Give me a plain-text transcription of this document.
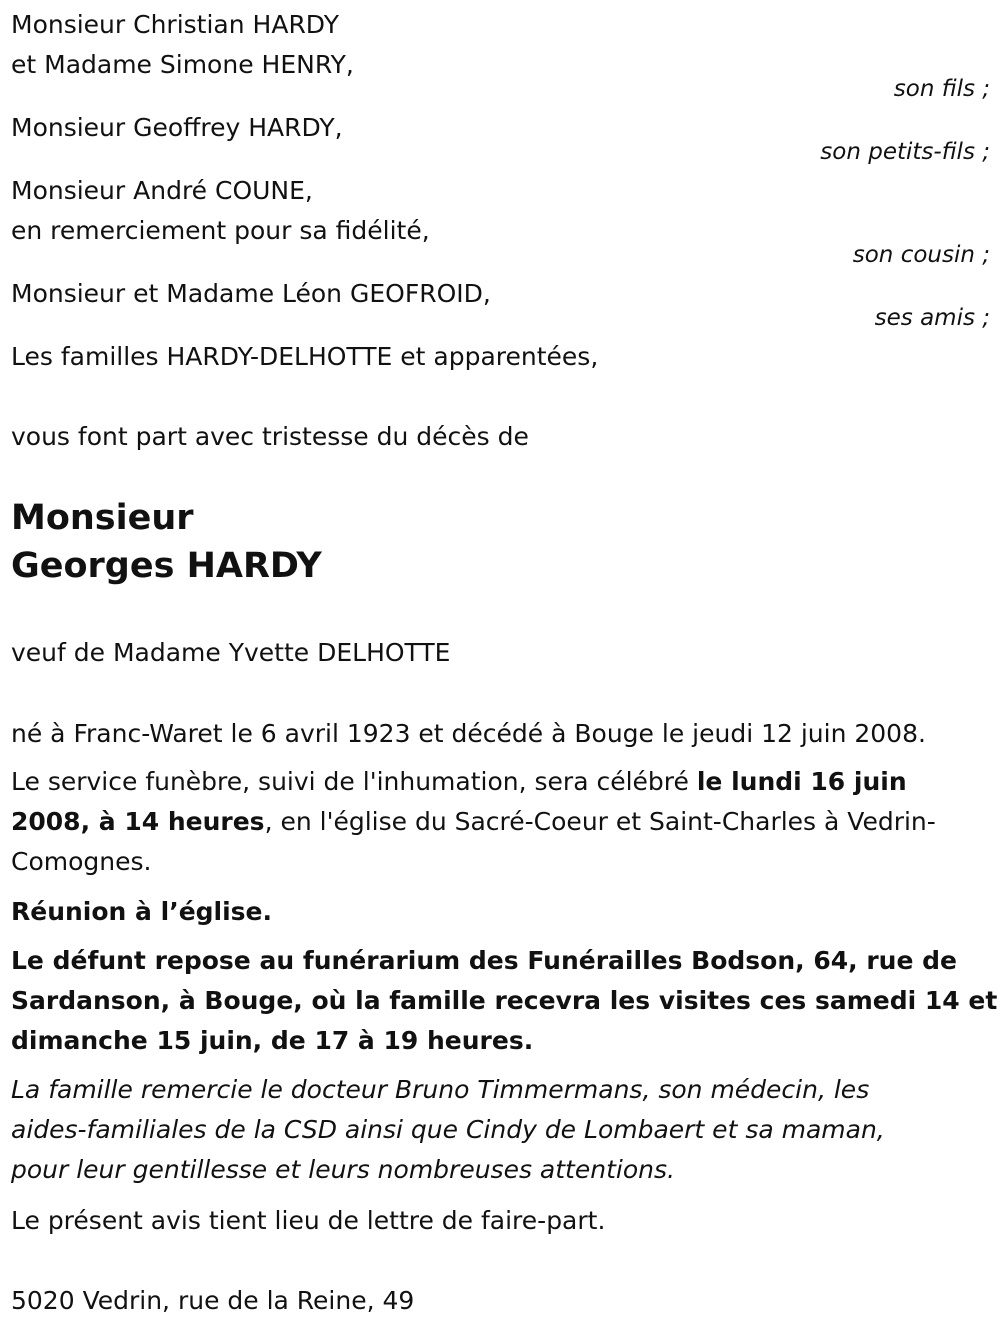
Monsieur Christian HARDY

et Madame Simone HENRY,

son fils ;

Monsieur Geoffrey HARDY,

son petits-fils ;

Monsieur André COUNE,

en remerciement pour sa fidélité,

son cousin ;

Monsieur et Madame Léon GEOFROID,

ses amis ;

Les familles HARDY-DELHOTTE et apparentées,

vous font part avec tristesse du décès de

Monsieur

Georges HARDY

veuf de Madame Yvette DELHOTTE

né à Franc-Waret le 6 avril 1923 et décédé à Bouge le jeudi 12 juin 2008.

Le service funèbre, suivi de l'inhumation, sera célébré le lundi 16 juin

2008, à 14 heures, en l'église du Sacré-Coeur et Saint-Charles à Vedrin-

Comognes.

Réunion à l’église.

Le défunt repose au funérarium des Funérailles Bodson, 64, rue de

Sardanson, à Bouge, où la famille recevra les visites ces samedi 14 et

dimanche 15 juin, de 17 à 19 heures.

La famille remercie le docteur Bruno Timmermans, son médecin, les

aides-familiales de la CSD ainsi que Cindy de Lombaert et sa maman,

pour leur gentillesse et leurs nombreuses attentions.

Le présent avis tient lieu de lettre de faire-part.

5020 Vedrin, rue de la Reine, 49
